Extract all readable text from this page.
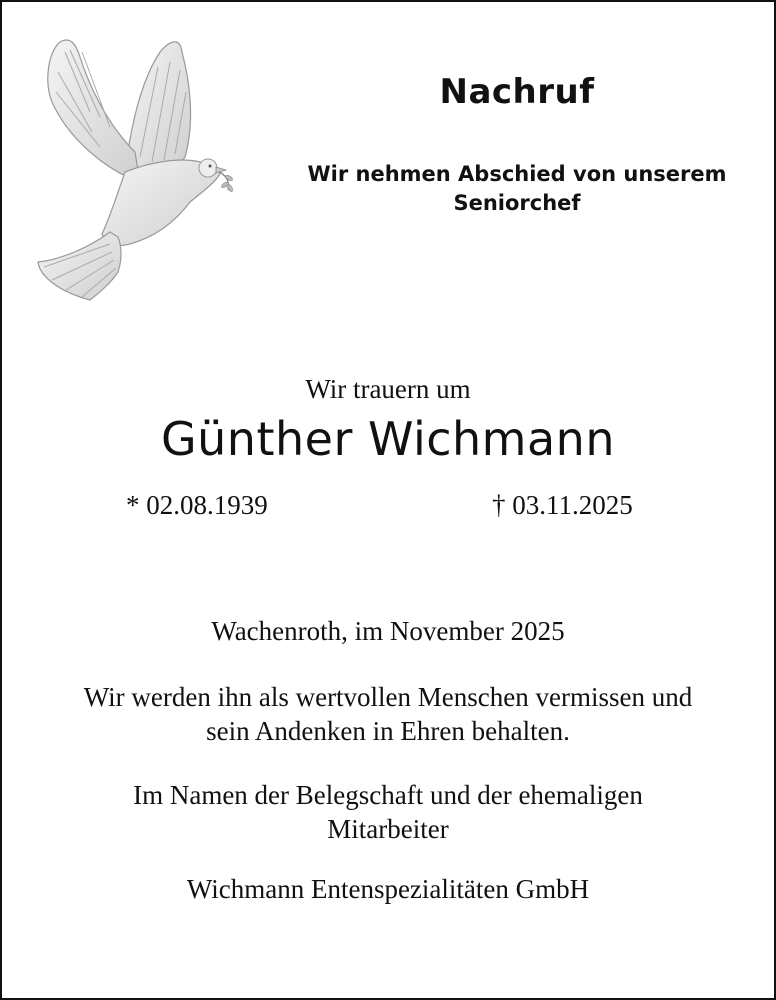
Nachruf
Wir nehmen Abschied von unserem
Seniorchef
Wir trauern um
Günther Wichmann
* 02.08.1939	† 03.11.2025
Wachenroth, im November 2025
Wir werden ihn als wertvollen Menschen vermissen und
sein Andenken in Ehren behalten.
Im Namen der Belegschaft und der ehemaligen
Mitarbeiter
Wichmann Entenspezialitäten GmbH
